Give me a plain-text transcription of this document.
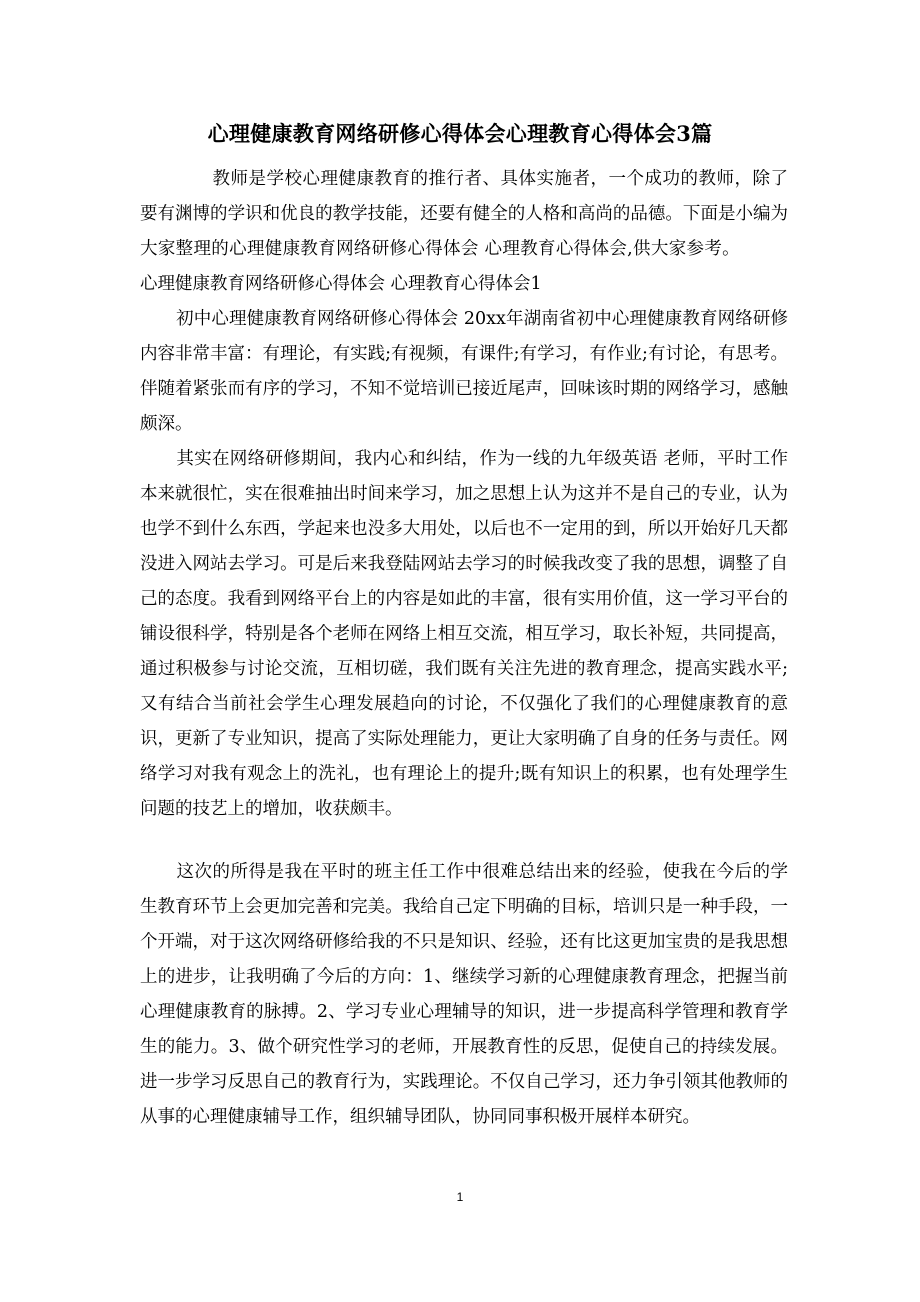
心理健康教育网络研修心得体会心理教育心得体会3篇
教师是学校心理健康教育的推行者、具体实施者，一个成功的教师，除了要有渊博的学识和优良的教学技能，还要有健全的人格和高尚的品德。下面是小编为大家整理的心理健康教育网络研修心得体会 心理教育心得体会,供大家参考。心理健康教育网络研修心得体会 心理教育心得体会1
初中心理健康教育网络研修心得体会 20xx年湖南省初中心理健康教育网络研修内容非常丰富：有理论，有实践;有视频，有课件;有学习，有作业;有讨论，有思考。伴随着紧张而有序的学习，不知不觉培训已接近尾声，回味该时期的网络学习，感触颇深。
其实在网络研修期间，我内心和纠结，作为一线的九年级英语 老师，平时工作本来就很忙，实在很难抽出时间来学习，加之思想上认为这并不是自己的专业，认为也学不到什么东西，学起来也没多大用处，以后也不一定用的到，所以开始好几天都没进入网站去学习。可是后来我登陆网站去学习的时候我改变了我的思想，调整了自己的态度。我看到网络平台上的内容是如此的丰富，很有实用价值，这一学习平台的铺设很科学，特别是各个老师在网络上相互交流，相互学习，取长补短，共同提高，通过积极参与讨论交流，互相切磋，我们既有关注先进的教育理念，提高实践水平;又有结合当前社会学生心理发展趋向的讨论，不仅强化了我们的心理健康教育的意识，更新了专业知识，提高了实际处理能力，更让大家明确了自身的任务与责任。网络学习对我有观念上的洗礼，也有理论上的提升;既有知识上的积累，也有处理学生问题的技艺上的增加，收获颇丰。
这次的所得是我在平时的班主任工作中很难总结出来的经验，使我在今后的学生教育环节上会更加完善和完美。我给自己定下明确的目标，培训只是一种手段，一个开端，对于这次网络研修给我的不只是知识、经验，还有比这更加宝贵的是我思想上的进步，让我明确了今后的方向：1、继续学习新的心理健康教育理念，把握当前心理健康教育的脉搏。2、学习专业心理辅导的知识，进一步提高科学管理和教育学生的能力。3、做个研究性学习的老师，开展教育性的反思，促使自己的持续发展。进一步学习反思自己的教育行为，实践理论。不仅自己学习，还力争引领其他教师的从事的心理健康辅导工作，组织辅导团队，协同同事积极开展样本研究。
1
